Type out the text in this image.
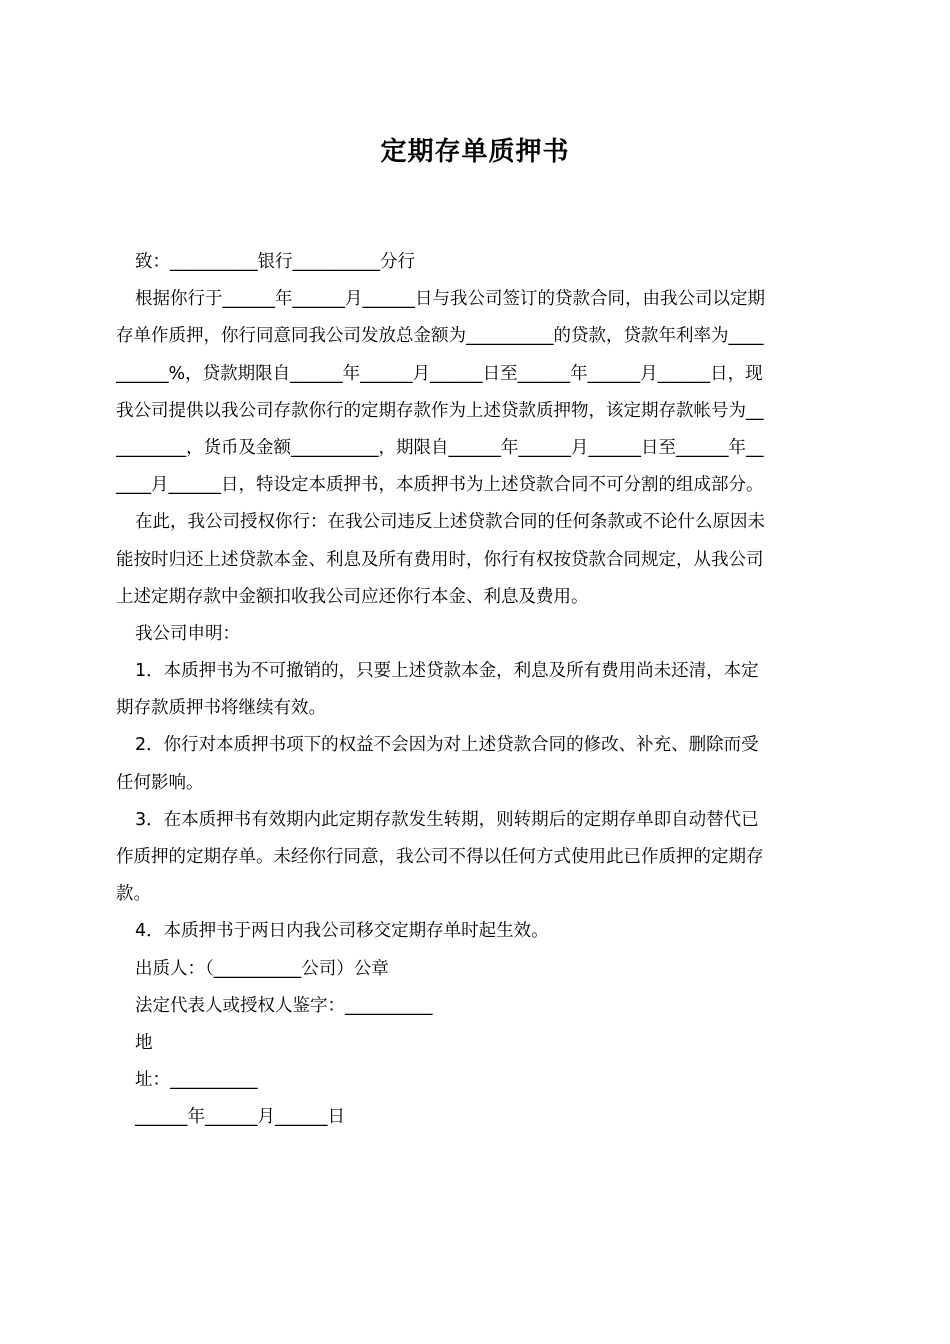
定期存单质押书
致：__________银行__________分行
根据你行于______年______月______日与我公司签订的贷款合同，由我公司以定期
存单作质押，你行同意同我公司发放总金额为__________的贷款，贷款年利率为____
______%，贷款期限自______年______月______日至______年______月______日，现
我公司提供以我公司存款你行的定期存款作为上述贷款质押物，该定期存款帐号为__
________，货币及金额__________，期限自______年______月______日至______年__
____月______日，特设定本质押书，本质押书为上述贷款合同不可分割的组成部分。
在此，我公司授权你行：在我公司违反上述贷款合同的任何条款或不论什么原因未
能按时归还上述贷款本金、利息及所有费用时，你行有权按贷款合同规定，从我公司
上述定期存款中金额扣收我公司应还你行本金、利息及费用。
我公司申明：
1．本质押书为不可撤销的，只要上述贷款本金，利息及所有费用尚未还清，本定
期存款质押书将继续有效。
2．你行对本质押书项下的权益不会因为对上述贷款合同的修改、补充、删除而受
任何影响。
3．在本质押书有效期内此定期存款发生转期，则转期后的定期存单即自动替代已
作质押的定期存单。未经你行同意，我公司不得以任何方式使用此已作质押的定期存
款。
4．本质押书于两日内我公司移交定期存单时起生效。
出质人：（__________公司）公章
法定代表人或授权人鉴字：__________
地
址：__________
______年______月______日
